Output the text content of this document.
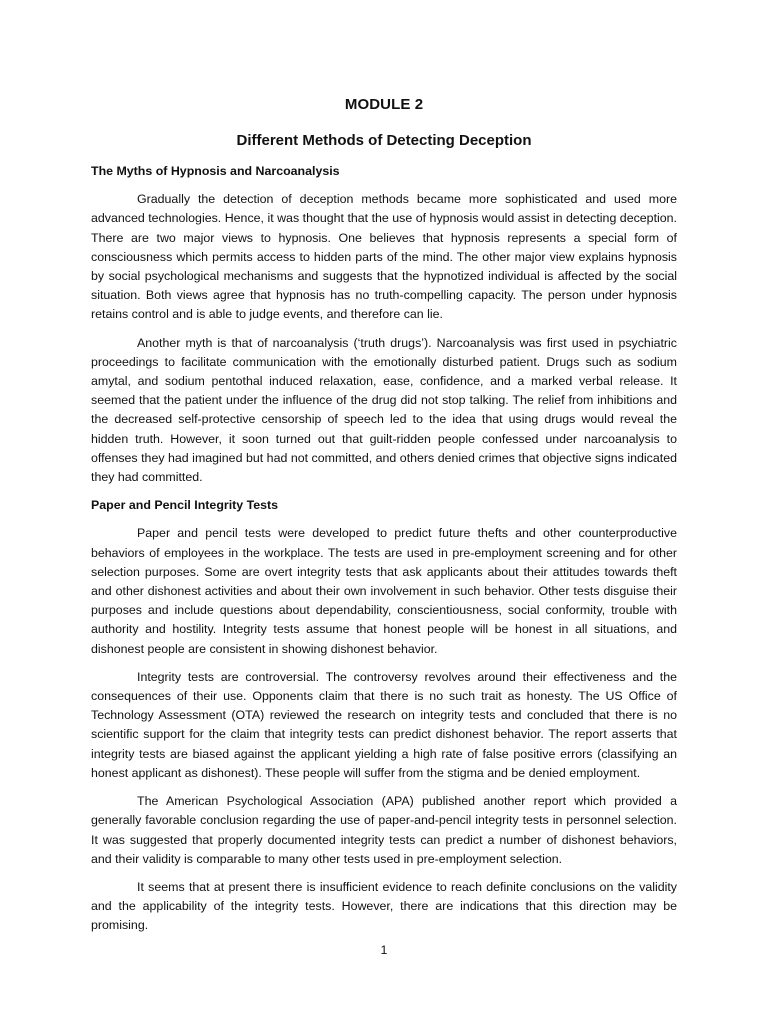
MODULE 2
Different Methods of Detecting Deception
The Myths of Hypnosis and Narcoanalysis

Gradually the detection of deception methods became more sophisticated and used more advanced technologies. Hence, it was thought that the use of hypnosis would assist in detecting deception. There are two major views to hypnosis. One believes that hypnosis represents a special form of consciousness which permits access to hidden parts of the mind. The other major view explains hypnosis by social psychological mechanisms and suggests that the hypnotized individual is affected by the social situation. Both views agree that hypnosis has no truth-compelling capacity. The person under hypnosis retains control and is able to judge events, and therefore can lie.

Another myth is that of narcoanalysis (‘truth drugs’). Narcoanalysis was first used in psychiatric proceedings to facilitate communication with the emotionally disturbed patient. Drugs such as sodium amytal, and sodium pentothal induced relaxation, ease, confidence, and a marked verbal release. It seemed that the patient under the influence of the drug did not stop talking. The relief from inhibitions and the decreased self-protective censorship of speech led to the idea that using drugs would reveal the hidden truth. However, it soon turned out that guilt-ridden people confessed under narcoanalysis to offenses they had imagined but had not committed, and others denied crimes that objective signs indicated they had committed.

Paper and Pencil Integrity Tests

Paper and pencil tests were developed to predict future thefts and other counterproductive behaviors of employees in the workplace. The tests are used in pre-employment screening and for other selection purposes. Some are overt integrity tests that ask applicants about their attitudes towards theft and other dishonest activities and about their own involvement in such behavior. Other tests disguise their purposes and include questions about dependability, conscientiousness, social conformity, trouble with authority and hostility. Integrity tests assume that honest people will be honest in all situations, and dishonest people are consistent in showing dishonest behavior.

Integrity tests are controversial. The controversy revolves around their effectiveness and the consequences of their use. Opponents claim that there is no such trait as honesty. The US Office of Technology Assessment (OTA) reviewed the research on integrity tests and concluded that there is no scientific support for the claim that integrity tests can predict dishonest behavior. The report asserts that integrity tests are biased against the applicant yielding a high rate of false positive errors (classifying an honest applicant as dishonest). These people will suffer from the stigma and be denied employment.

The American Psychological Association (APA) published another report which provided a generally favorable conclusion regarding the use of paper-and-pencil integrity tests in personnel selection. It was suggested that properly documented integrity tests can predict a number of dishonest behaviors, and their validity is comparable to many other tests used in pre-employment selection.

It seems that at present there is insufficient evidence to reach definite conclusions on the validity and the applicability of the integrity tests. However, there are indications that this direction may be promising.

1
